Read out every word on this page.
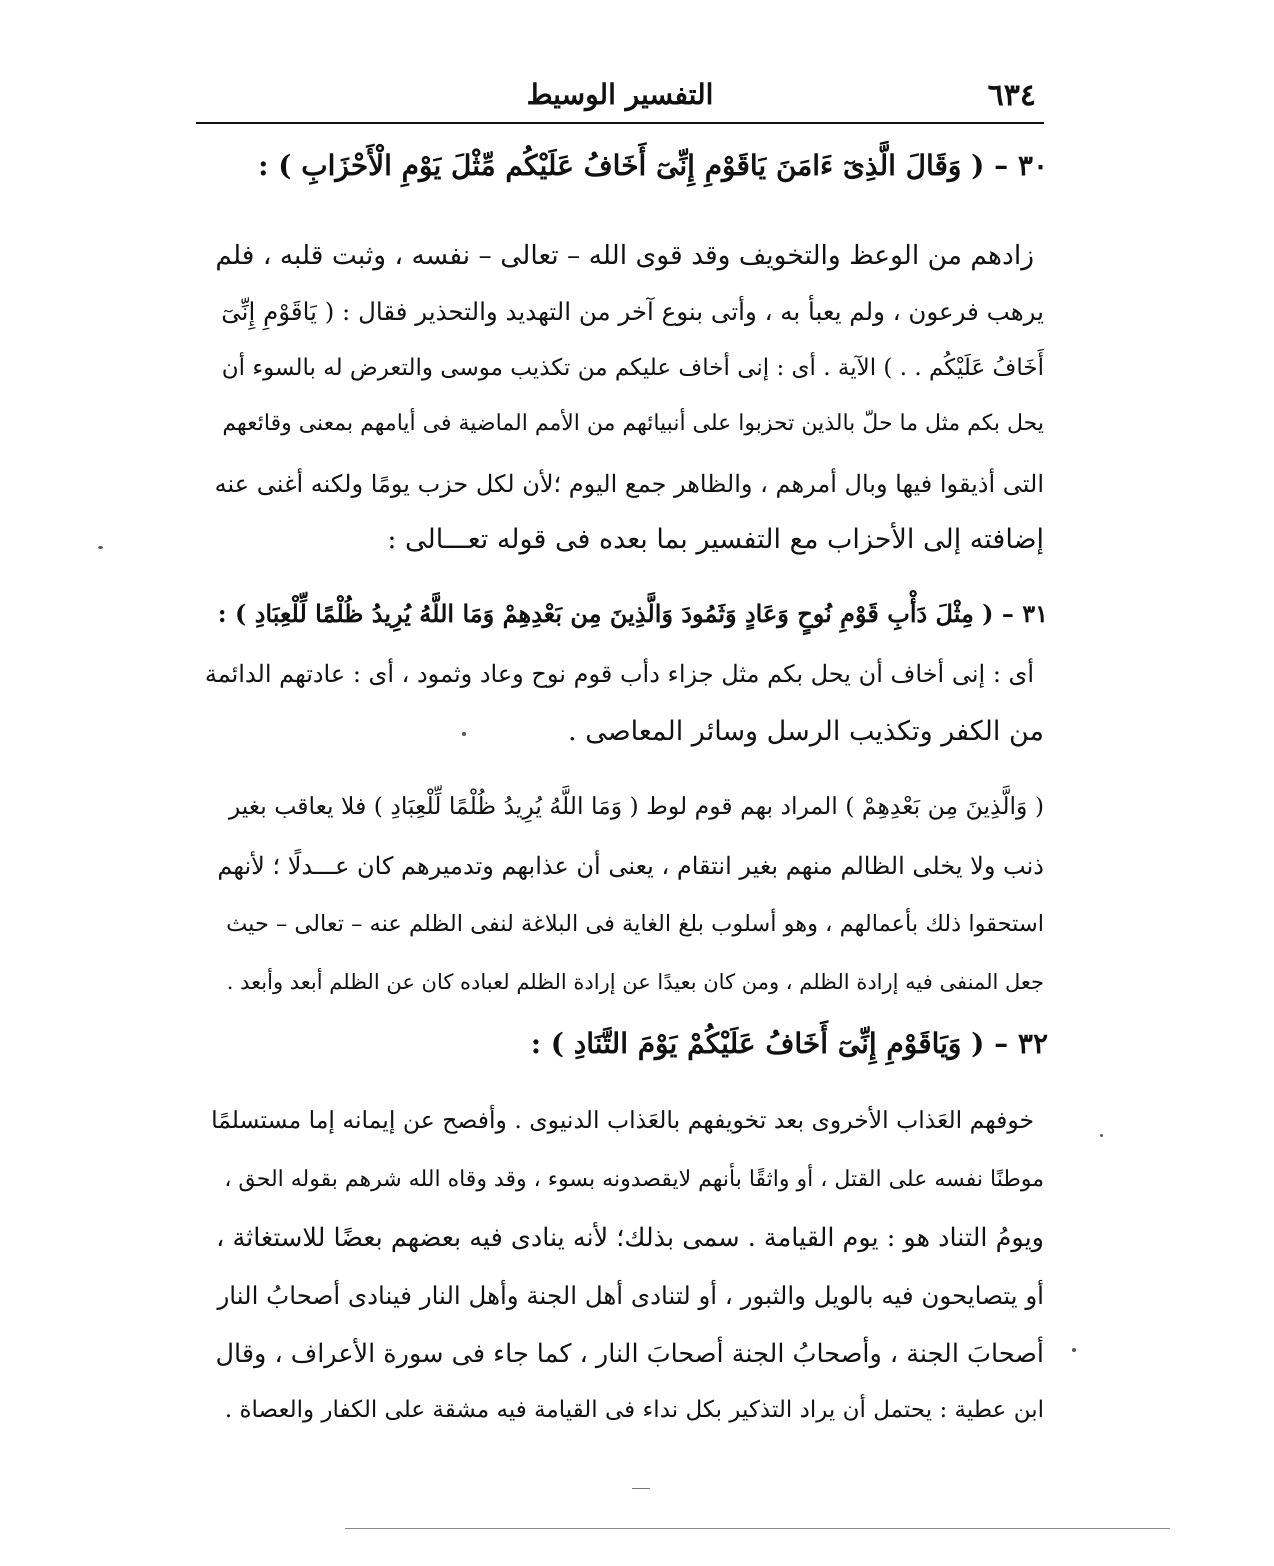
٦٣٤
التفسير الوسيط
٣٠ – ( وَقَالَ الَّذِىٓ ءَامَنَ يَاقَوْمِ إِنِّىٓ أَخَافُ عَلَيْكُم مِّثْلَ يَوْمِ الْأَحْزَابِ ) :
زادهم من الوعظ والتخويف وقد قوى الله – تعالى – نفسه ، وثبت قلبه ، فلم
يرهب فرعون ، ولم يعبأ به ، وأتى بنوع آخر من التهديد والتحذير فقال : ( يَاقَوْمِ إِنِّىٓ
أَخَافُ عَلَيْكُم . . ) الآية . أى : إنى أخاف عليكم من تكذيب موسى والتعرض له بالسوء أن
يحل بكم مثل ما حلّ بالذين تحزبوا على أنبيائهم من الأمم الماضية فى أيامهم بمعنى وقائعهم
التى أذيقوا فيها وبال أمرهم ، والظاهر جمع اليوم ؛لأن لكل حزب يومًا ولكنه أغنى عنه
إضافته إلى الأحزاب مع التفسير بما بعده فى قوله تعـــالى :
٣١ – ( مِثْلَ دَأْبِ قَوْمِ نُوحٍ وَعَادٍ وَثَمُودَ وَالَّذِينَ مِن بَعْدِهِمْ وَمَا اللَّهُ يُرِيدُ ظُلْمًا لِّلْعِبَادِ ) :
أى : إنى أخاف أن يحل بكم مثل جزاء دأب قوم نوح وعاد وثمود ، أى : عادتهم الدائمة
من الكفر وتكذيب الرسل وسائر المعاصى .
( وَالَّذِينَ مِن بَعْدِهِمْ ) المراد بهم قوم لوط ( وَمَا اللَّهُ يُرِيدُ ظُلْمًا لِّلْعِبَادِ ) فلا يعاقب بغير
ذنب ولا يخلى الظالم منهم بغير انتقام ، يعنى أن عذابهم وتدميرهم كان عـــدلًا ؛ لأنهم
استحقوا ذلك بأعمالهم ، وهو أسلوب بلغ الغاية فى البلاغة لنفى الظلم عنه – تعالى – حيث
جعل المنفى فيه إرادة الظلم ، ومن كان بعيدًا عن إرادة الظلم لعباده كان عن الظلم أبعد وأبعد .
٣٢ – ( وَيَاقَوْمِ إِنِّىٓ أَخَافُ عَلَيْكُمْ يَوْمَ التَّنَادِ ) :
خوفهم العَذاب الأخروى بعد تخويفهم بالعَذاب الدنيوى . وأفصح عن إيمانه إما مستسلمًا
موطنًا نفسه على القتل ، أو واثقًا بأنهم لايقصدونه بسوء ، وقد وقاه الله شرهم بقوله الحق ،
ويومُ التناد هو : يوم القيامة . سمى بذلك؛ لأنه ينادى فيه بعضهم بعضًا للاستغاثة ،
أو يتصايحون فيه بالويل والثبور ، أو لتنادى أهل الجنة وأهل النار فينادى أصحابُ النار
أصحابَ الجنة ، وأصحابُ الجنة أصحابَ النار ، كما جاء فى سورة الأعراف ، وقال
ابن عطية : يحتمل أن يراد التذكير بكل نداء فى القيامة فيه مشقة على الكفار والعصاة .
